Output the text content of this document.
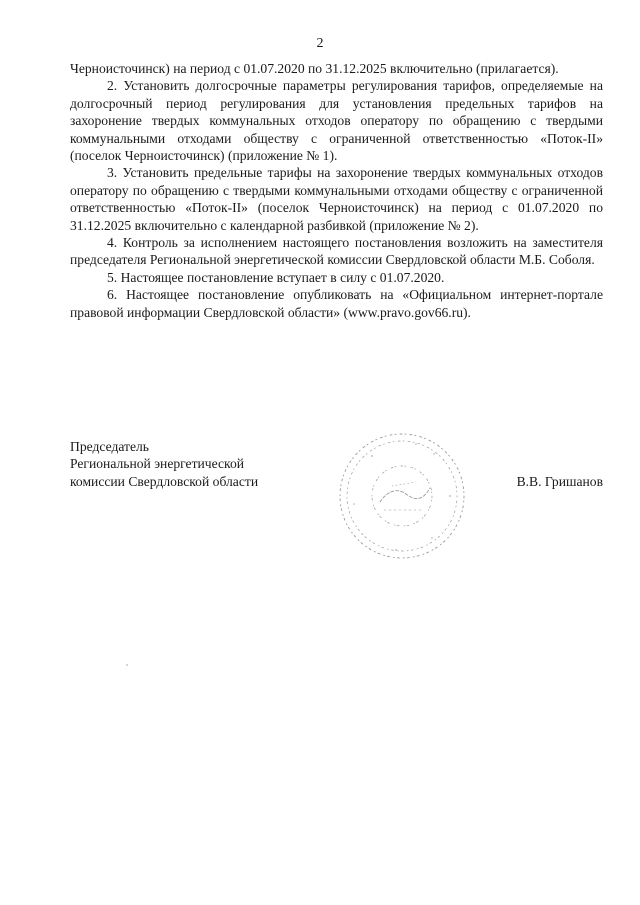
2

Черноисточинск) на период с 01.07.2020 по 31.12.2025 включительно (прилагается).

2. Установить долгосрочные параметры регулирования тарифов, определяемые на долгосрочный период регулирования для установления предельных тарифов на захоронение твердых коммунальных отходов оператору по обращению с твердыми коммунальными отходами обществу с ограниченной ответственностью «Поток-II» (поселок Черноисточинск) (приложение № 1).

3. Установить предельные тарифы на захоронение твердых коммунальных отходов оператору по обращению с твердыми коммунальными отходами обществу с ограниченной ответственностью «Поток-II» (поселок Черноисточинск) на период с 01.07.2020 по 31.12.2025 включительно с календарной разбивкой (приложение № 2).

4. Контроль за исполнением настоящего постановления возложить на заместителя председателя Региональной энергетической комиссии Свердловской области М.Б. Соболя.

5. Настоящее постановление вступает в силу с 01.07.2020.

6. Настоящее постановление опубликовать на «Официальном интернет-портале правовой информации Свердловской области» (www.pravo.gov66.ru).

Председатель
Региональной энергетической
комиссии Свердловской области	В.В. Гришанов
